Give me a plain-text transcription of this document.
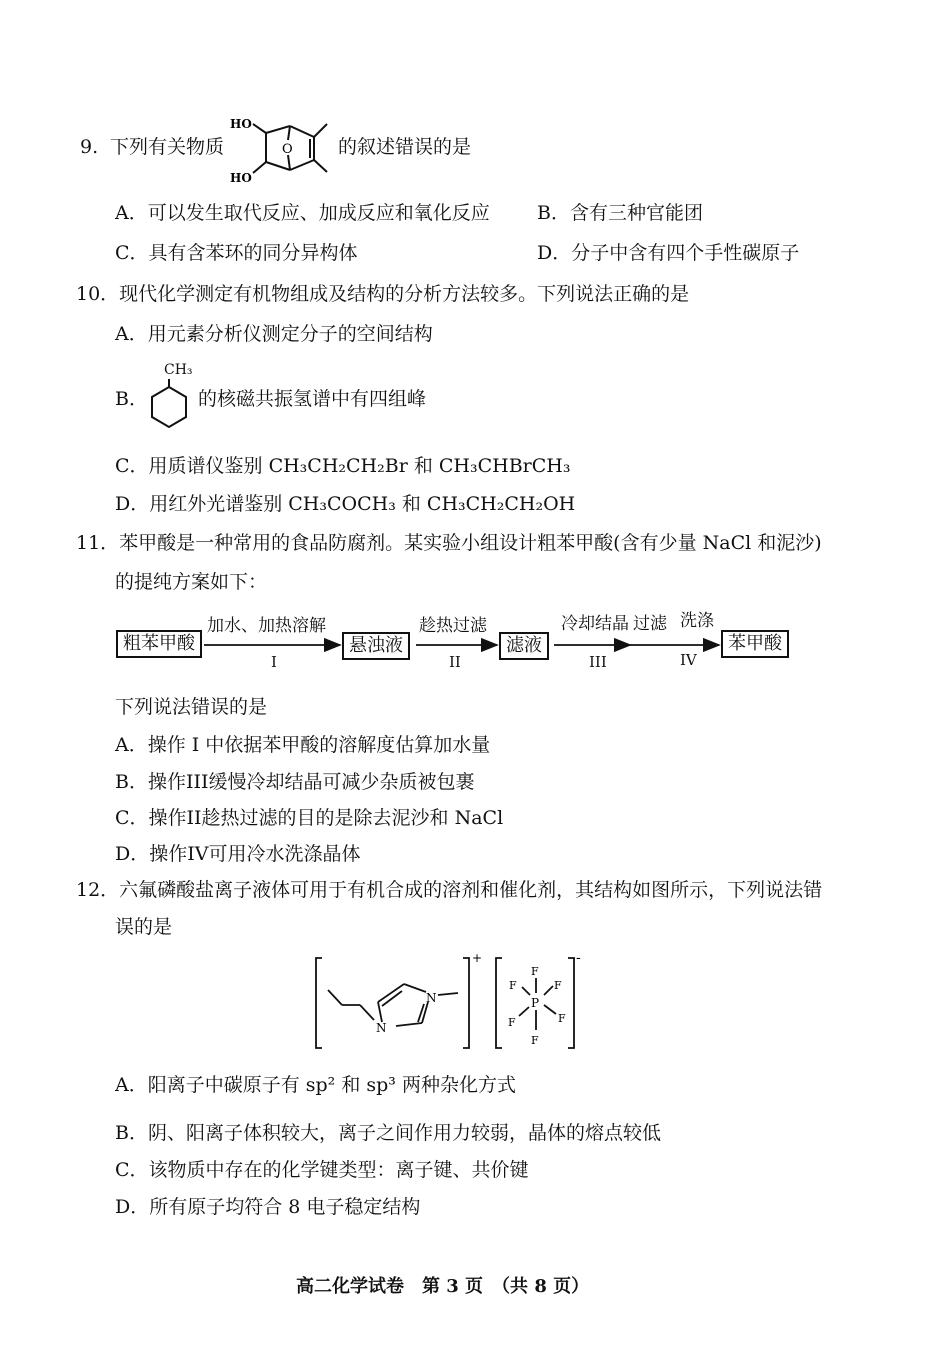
9. 下列有关物质
HO
HO
O 的叙述错误的是
A．可以发生取代反应、加成反应和氧化反应 B．含有三种官能团
C．具有含苯环的同分异构体	D．分子中含有四个手性碳原子
10．现代化学测定有机物组成及结构的分析方法较多。下列说法正确的是
A．用元素分析仪测定分子的空间结构
B．
CH₃
的核磁共振氢谱中有四组峰
C．用质谱仪鉴别 CH₃CH₂CH₂Br 和 CH₃CHBrCH₃
D．用红外光谱鉴别 CH₃COCH₃ 和 CH₃CH₂CH₂OH
11．苯甲酸是一种常用的食品防腐剂。某实验小组设计粗苯甲酸(含有少量 NaCl 和泥沙)
的提纯方案如下：
粗苯甲酸	悬浊液	滤液	苯甲酸
加水、加热溶解
I
趁热过滤
II
冷却结晶
III
过滤 洗涤
IV
下列说法错误的是
A．操作 I 中依据苯甲酸的溶解度估算加水量
B．操作III缓慢冷却结晶可减少杂质被包裹
C．操作II趁热过滤的目的是除去泥沙和 NaCl
D．操作IV可用冷水洗涤晶体
12．六氟磷酸盐离子液体可用于有机合成的溶剂和催化剂，其结构如图所示，下列说法错
误的是
+	-
N
N	P
F
F	F
F	F
F
A．阳离子中碳原子有 sp² 和 sp³ 两种杂化方式
B．阴、阳离子体积较大，离子之间作用力较弱，晶体的熔点较低
C．该物质中存在的化学键类型：离子键、共价键
D．所有原子均符合 8 电子稳定结构
高二化学试卷　第 3 页　（共 8 页）
